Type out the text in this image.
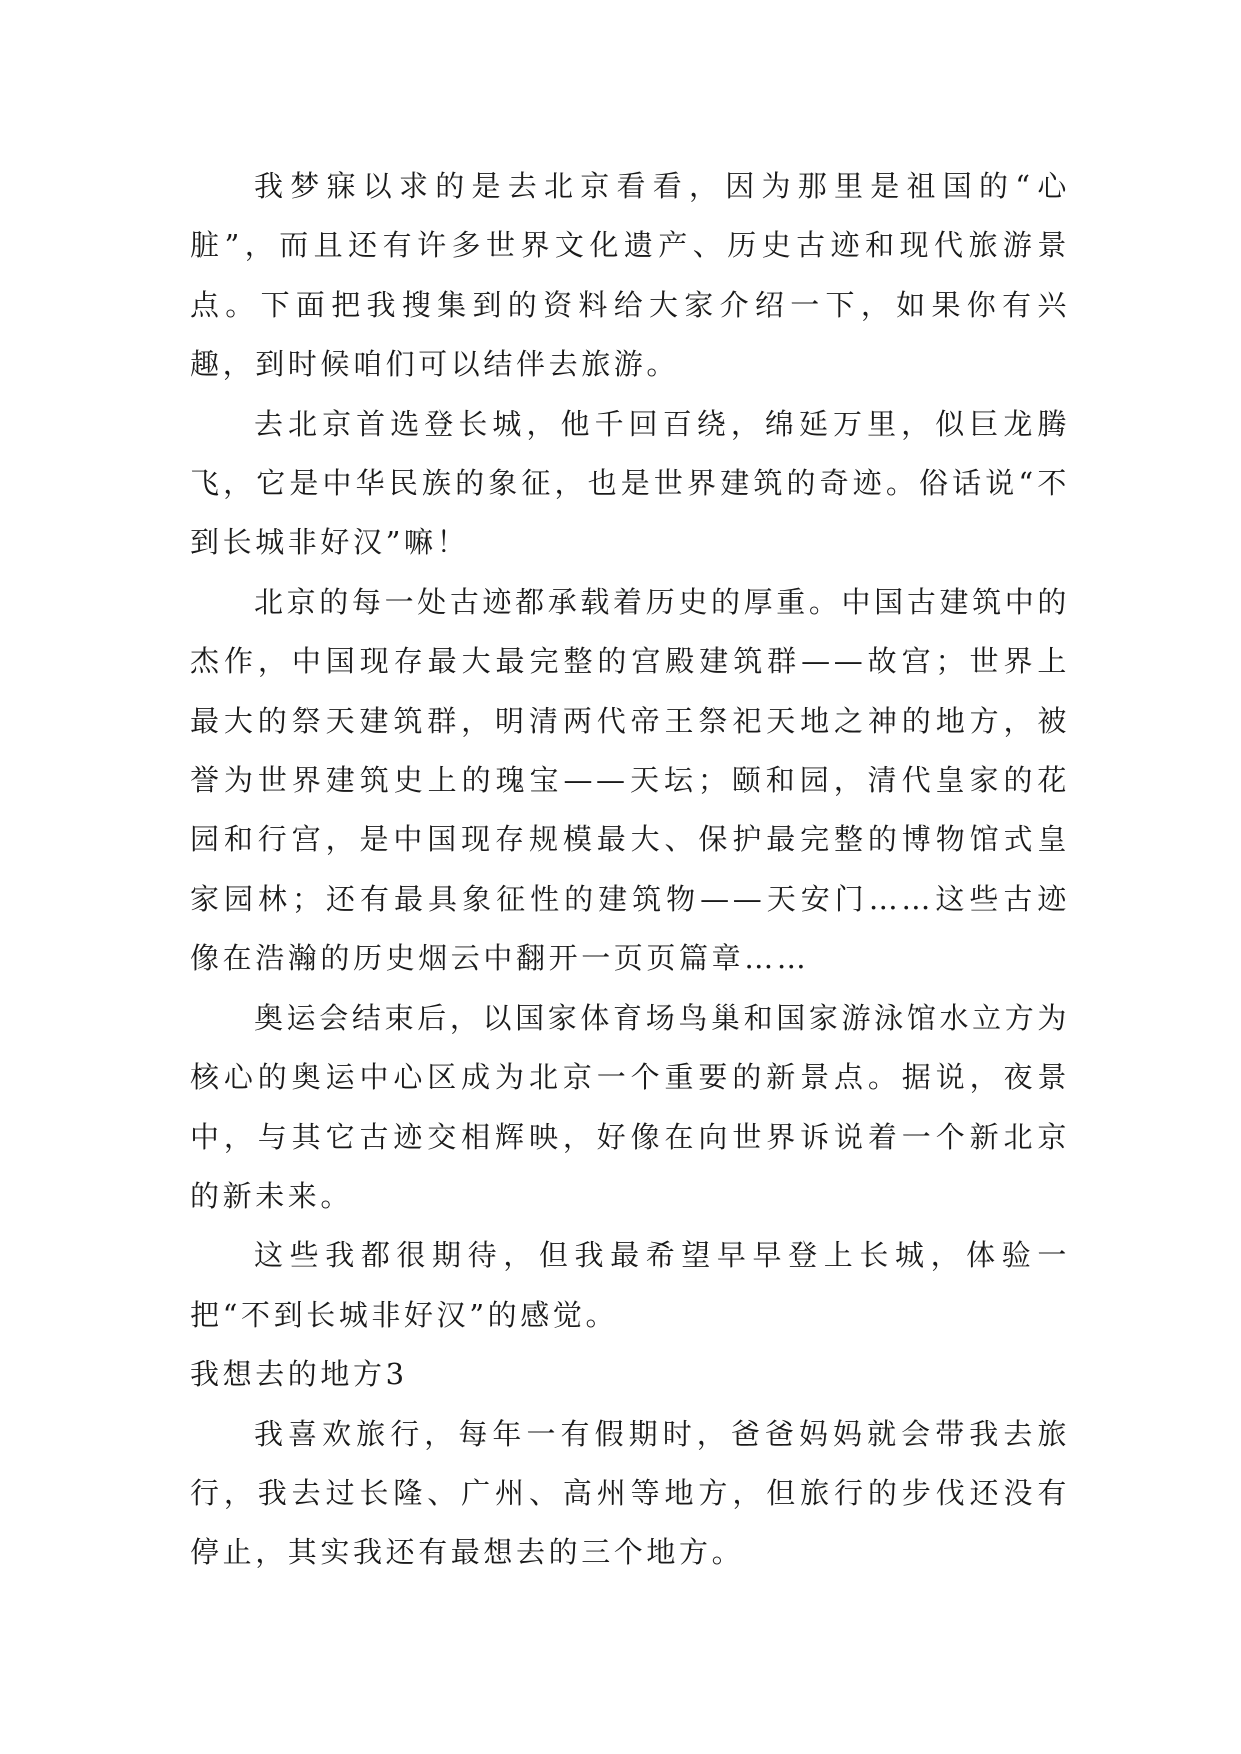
我梦寐以求的是去北京看看，因为那里是祖国的“心脏”，而且还有许多世界文化遗产、历史古迹和现代旅游景点。下面把我搜集到的资料给大家介绍一下，如果你有兴趣，到时候咱们可以结伴去旅游。

去北京首选登长城，他千回百绕，绵延万里，似巨龙腾飞，它是中华民族的象征，也是世界建筑的奇迹。俗话说“不到长城非好汉”嘛！

北京的每一处古迹都承载着历史的厚重。中国古建筑中的杰作，中国现存最大最完整的宫殿建筑群——故宫；世界上最大的祭天建筑群，明清两代帝王祭祀天地之神的地方，被誉为世界建筑史上的瑰宝——天坛；颐和园，清代皇家的花园和行宫，是中国现存规模最大、保护最完整的博物馆式皇家园林；还有最具象征性的建筑物——天安门……这些古迹像在浩瀚的历史烟云中翻开一页页篇章……

奥运会结束后，以国家体育场鸟巢和国家游泳馆水立方为核心的奥运中心区成为北京一个重要的新景点。据说，夜景中，与其它古迹交相辉映，好像在向世界诉说着一个新北京的新未来。

这些我都很期待，但我最希望早早登上长城，体验一把“不到长城非好汉”的感觉。

我想去的地方3

我喜欢旅行，每年一有假期时，爸爸妈妈就会带我去旅行，我去过长隆、广州、高州等地方，但旅行的步伐还没有停止，其实我还有最想去的三个地方。
